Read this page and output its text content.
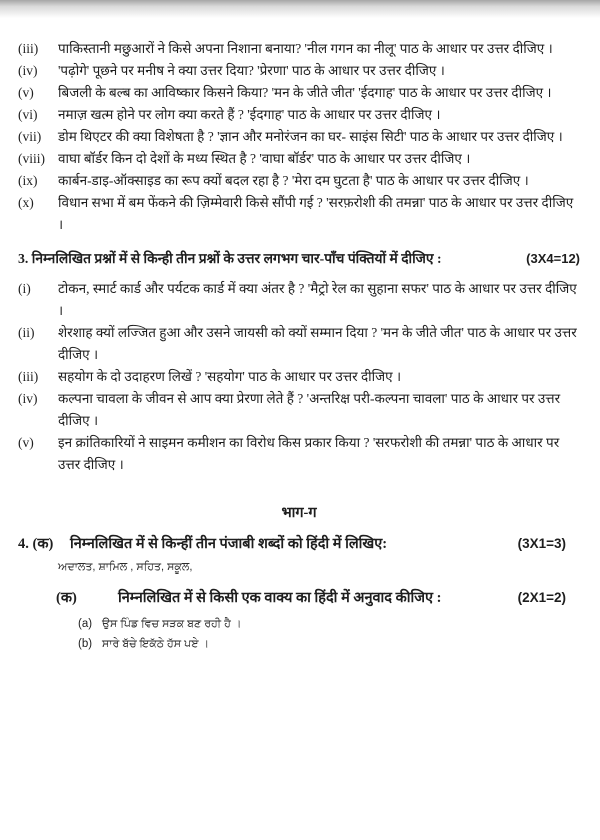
(iii)	पाकिस्तानी मछुआरों ने किसे अपना निशाना बनाया? 'नील गगन का नीलू' पाठ के आधार पर उत्तर दीजिए ।
(iv)	'पढ़ोगे' पूछने पर मनीष ने क्या उत्तर दिया? 'प्रेरणा' पाठ के आधार पर उत्तर दीजिए ।
(v)	बिजली के बल्ब का आविष्कार किसने किया? 'मन के जीते जीत' 'ईदगाह' पाठ के आधार पर उत्तर दीजिए ।
(vi)	नमाज़ खत्म होने पर लोग क्या करते हैं ? 'ईदगाह' पाठ के आधार पर उत्तर दीजिए ।
(vii)	डोम थिएटर की क्या विशेषता है ? 'ज्ञान और मनोरंजन का घर- साइंस सिटी' पाठ के आधार पर उत्तर दीजिए ।
(viii) वाघा बॉर्डर किन दो देशों के मध्य स्थित है ? 'वाघा बॉर्डर' पाठ के आधार पर उत्तर दीजिए ।
(ix)	कार्बन-डाइ-ऑक्साइड का रूप क्यों बदल रहा है ? 'मेरा दम घुटता है' पाठ के आधार पर उत्तर दीजिए ।
(x)	विधान सभा में बम फेंकने की ज़िम्मेवारी किसे सौंपी गई ? 'सरफ़रोशी की तमन्ना' पाठ के आधार पर उत्तर दीजिए ।
3. निम्नलिखित प्रश्नों में से किन्ही तीन प्रश्नों के उत्तर लगभग चार-पाँच पंक्तियों में दीजिए :	(3X4=12)
(i)	टोकन, स्मार्ट कार्ड और पर्यटक कार्ड में क्या अंतर है ? 'मैट्रो रेल का सुहाना सफर' पाठ के आधार पर उत्तर दीजिए ।
(ii)	शेरशाह क्यों लज्जित हुआ और उसने जायसी को क्यों सम्मान दिया ? 'मन के जीते जीत' पाठ के आधार पर उत्तर दीजिए ।
(iii)	सहयोग के दो उदाहरण लिखें ? 'सहयोग' पाठ के आधार पर उत्तर दीजिए ।
(iv)	कल्पना चावला के जीवन से आप क्या प्रेरणा लेते हैं ? 'अन्तरिक्ष परी-कल्पना चावला' पाठ के आधार पर उत्तर दीजिए ।
(v)	इन क्रांतिकारियों ने साइमन कमीशन का विरोध किस प्रकार किया ? 'सरफरोशी की तमन्ना' पाठ के आधार पर उत्तर दीजिए ।
भाग-ग
4. (क)	निम्नलिखित में से किन्हीं तीन पंजाबी शब्दों को हिंदी में लिखिए:	(3X1=3)
ਅਦਾਲਤ, ਸ਼ਾਮਿਲ , ਸਹਿਤ, ਸਕੂਲ,
(क)	निम्नलिखित में से किसी एक वाक्य का हिंदी में अनुवाद कीजिए :	(2X1=2)
(a) ਉਸ ਪਿੰਡ ਵਿਚ ਸੜਕ ਬਣ ਰਹੀ ਹੈ ।
(b) ਸਾਰੇ ਬੱਚੇ ਇਕੱਠੇ ਹੱਸ ਪਏ ।
